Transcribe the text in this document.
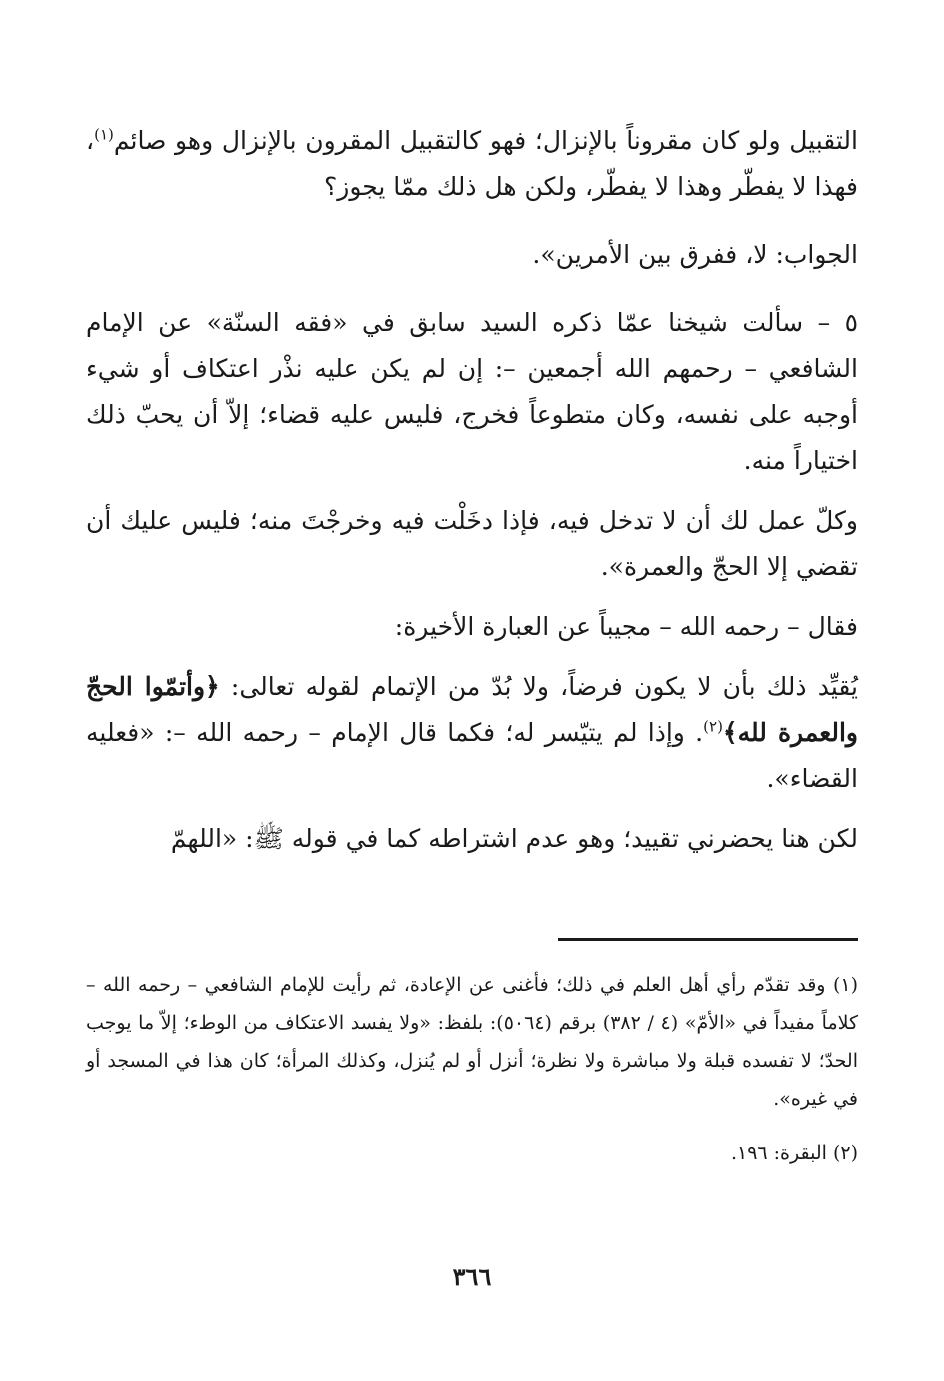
التقبيل ولو كان مقروناً بالإنزال؛ فهو كالتقبيل المقرون بالإنزال وهو صائم$^{(١)}$، فهذا لا يفطّر وهذا لا يفطّر، ولكن هل ذلك ممّا يجوز؟

الجواب: لا، ففرق بين الأمرين».

٥ – سألت شيخنا عمّا ذكره السيد سابق في «فقه السنّة» عن الإمام الشافعي – رحمهم الله أجمعين –: إن لم يكن عليه نذْر اعتكاف أو شيء أوجبه على نفسه، وكان متطوعاً فخرج، فليس عليه قضاء؛ إلاّ أن يحبّ ذلك اختياراً منه.

وكلّ عمل لك أن لا تدخل فيه، فإذا دخَلْت فيه وخرجْتَ منه؛ فليس عليك أن تقضي إلا الحجّ والعمرة».

فقال – رحمه الله – مجيباً عن العبارة الأخيرة:

يُقيِّد ذلك بأن لا يكون فرضاً، ولا بُدّ من الإتمام لقوله تعالى: ﴿وأتمّوا الحجّ والعمرة لله﴾$^{(٢)}$. وإذا لم يتيّسر له؛ فكما قال الإمام – رحمه الله –: «فعليه القضاء».

لكن هنا يحضرني تقييد؛ وهو عدم اشتراطه كما في قوله ﷺ: «اللهمّ

(١) وقد تقدّم رأي أهل العلم في ذلك؛ فأغنى عن الإعادة، ثم رأيت للإمام الشافعي – رحمه الله – كلاماً مفيداً في «الأمّ» (٤ / ٣٨٢) برقم (٥٠٦٤): بلفظ: «ولا يفسد الاعتكاف من الوطء؛ إلاّ ما يوجب الحدّ؛ لا تفسده قبلة ولا مباشرة ولا نظرة؛ أنزل أو لم يُنزل، وكذلك المرأة؛ كان هذا في المسجد أو في غيره».

(٢) البقرة: ١٩٦.

٣٦٦
